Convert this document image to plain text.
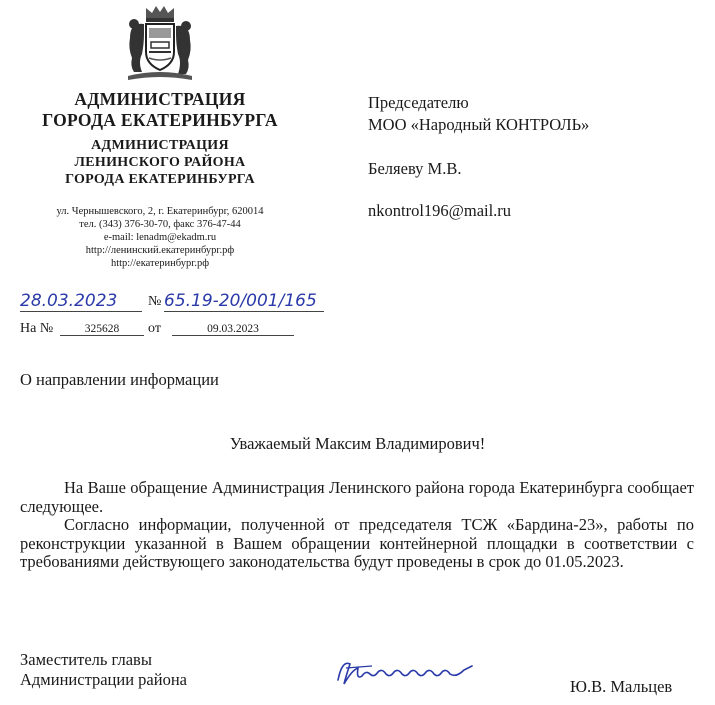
АДМИНИСТРАЦИЯ
ГОРОДА ЕКАТЕРИНБУРГА
АДМИНИСТРАЦИЯ
ЛЕНИНСКОГО РАЙОНА
ГОРОДА ЕКАТЕРИНБУРГА
ул. Чернышевского, 2, г. Екатеринбург, 620014
тел. (343) 376-30-70, факс 376-47-44
e-mail: lenadm@ekadm.ru
http://ленинский.екатеринбург.рф
http://екатеринбург.рф
Председателю
МОО «Народный КОНТРОЛЬ»
Беляеву М.В.
nkontrol196@mail.ru
28.03.2023	№ 65.19-20/001/165
На №	325628	от	09.03.2023
О направлении информации
Уважаемый Максим Владимирович!

На Ваше обращение Администрация Ленинского района города Екатеринбурга сообщает следующее.

Согласно информации, полученной от председателя ТСЖ «Бардина-23», работы по реконструкции указанной в Вашем обращении контейнерной площадки в соответствии с требованиями действующего законодательства будут проведены в срок до 01.05.2023.

Заместитель главы
Администрации района	Ю.В. Мальцев
